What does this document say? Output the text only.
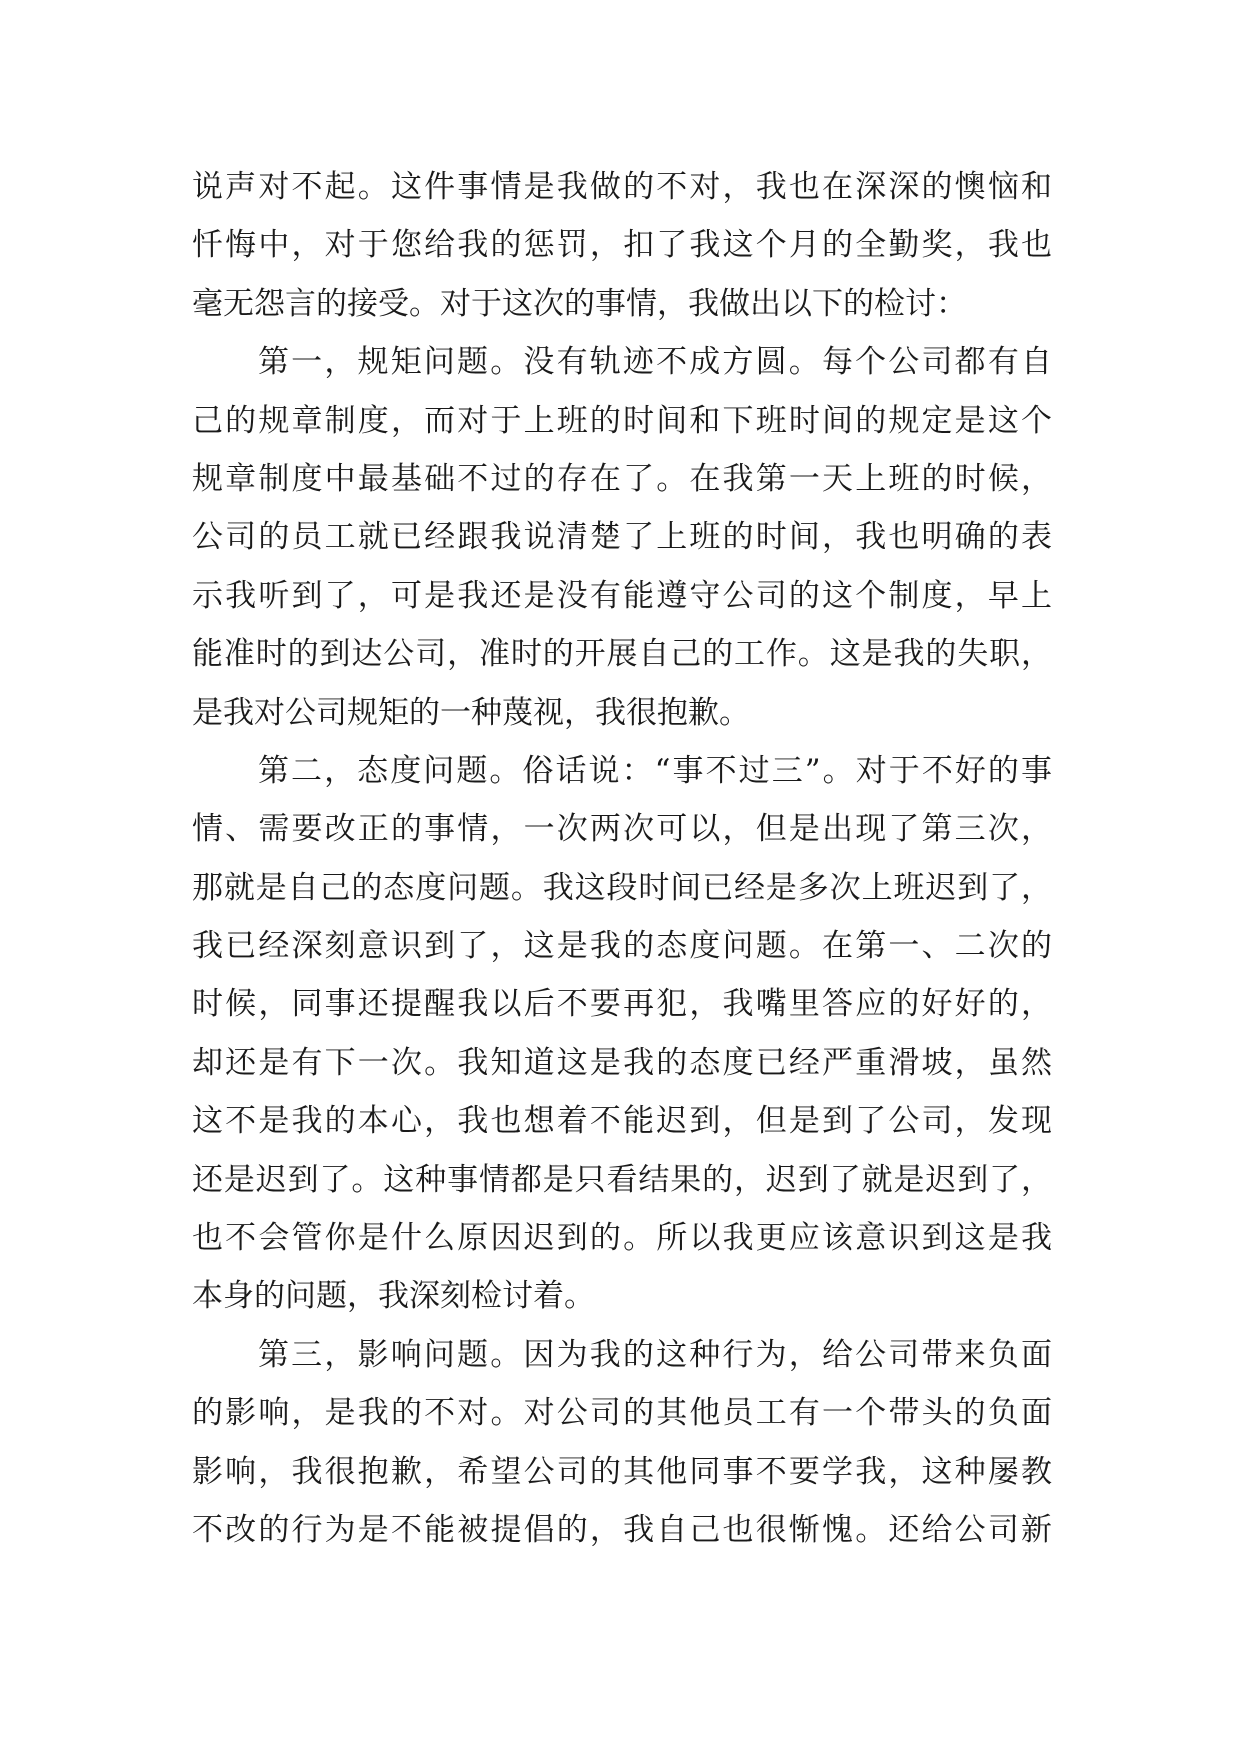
说声对不起。这件事情是我做的不对，我也在深深的懊恼和
忏悔中，对于您给我的惩罚，扣了我这个月的全勤奖，我也
毫无怨言的接受。对于这次的事情，我做出以下的检讨：
第一，规矩问题。没有轨迹不成方圆。每个公司都有自
己的规章制度，而对于上班的时间和下班时间的规定是这个
规章制度中最基础不过的存在了。在我第一天上班的时候，
公司的员工就已经跟我说清楚了上班的时间，我也明确的表
示我听到了，可是我还是没有能遵守公司的这个制度，早上
能准时的到达公司，准时的开展自己的工作。这是我的失职，
是我对公司规矩的一种蔑视，我很抱歉。
第二，态度问题。俗话说：“事不过三”。对于不好的事
情、需要改正的事情，一次两次可以，但是出现了第三次，
那就是自己的态度问题。我这段时间已经是多次上班迟到了，
我已经深刻意识到了，这是我的态度问题。在第一、二次的
时候，同事还提醒我以后不要再犯，我嘴里答应的好好的，
却还是有下一次。我知道这是我的态度已经严重滑坡，虽然
这不是我的本心，我也想着不能迟到，但是到了公司，发现
还是迟到了。这种事情都是只看结果的，迟到了就是迟到了，
也不会管你是什么原因迟到的。所以我更应该意识到这是我
本身的问题，我深刻检讨着。
第三，影响问题。因为我的这种行为，给公司带来负面
的影响，是我的不对。对公司的其他员工有一个带头的负面
影响，我很抱歉，希望公司的其他同事不要学我，这种屡教
不改的行为是不能被提倡的，我自己也很惭愧。还给公司新
